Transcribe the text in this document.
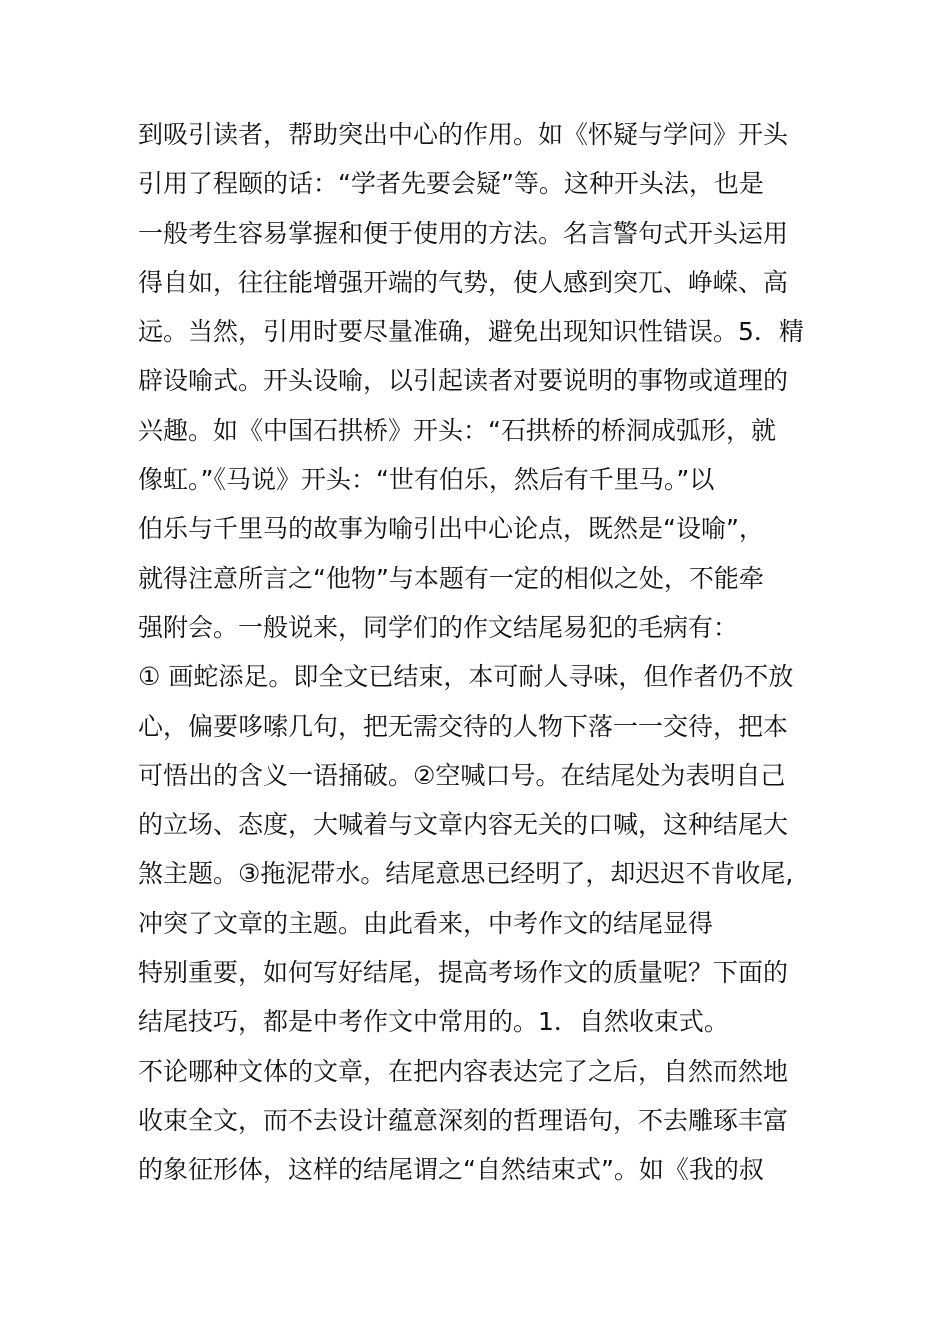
到吸引读者，帮助突出中心的作用。如《怀疑与学问》开头
引用了程颐的话：“学者先要会疑”等。这种开头法，也是
一般考生容易掌握和便于使用的方法。名言警句式开头运用
得自如，往往能增强开端的气势，使人感到突兀、峥嵘、高
远。当然，引用时要尽量准确，避免出现知识性错误。5．精
辟设喻式。开头设喻，以引起读者对要说明的事物或道理的
兴趣。如《中国石拱桥》开头：“石拱桥的桥洞成弧形，就
像虹。”《马说》开头：“世有伯乐，然后有千里马。”以
伯乐与千里马的故事为喻引出中心论点，既然是“设喻”，
就得注意所言之“他物”与本题有一定的相似之处，不能牵
强附会。一般说来，同学们的作文结尾易犯的毛病有：
① 画蛇添足。即全文已结束，本可耐人寻味，但作者仍不放
心，偏要哆嗦几句，把无需交待的人物下落一一交待，把本
可悟出的含义一语捅破。②空喊口号。在结尾处为表明自己
的立场、态度，大喊着与文章内容无关的口喊，这种结尾大
煞主题。③拖泥带水。结尾意思已经明了，却迟迟不肯收尾,
冲突了文章的主题。由此看来，中考作文的结尾显得
特别重要，如何写好结尾，提高考场作文的质量呢？下面的
结尾技巧，都是中考作文中常用的。1．自然收束式。
不论哪种文体的文章，在把内容表达完了之后，自然而然地
收束全文，而不去设计蕴意深刻的哲理语句，不去雕琢丰富
的象征形体，这样的结尾谓之“自然结束式”。如《我的叔
